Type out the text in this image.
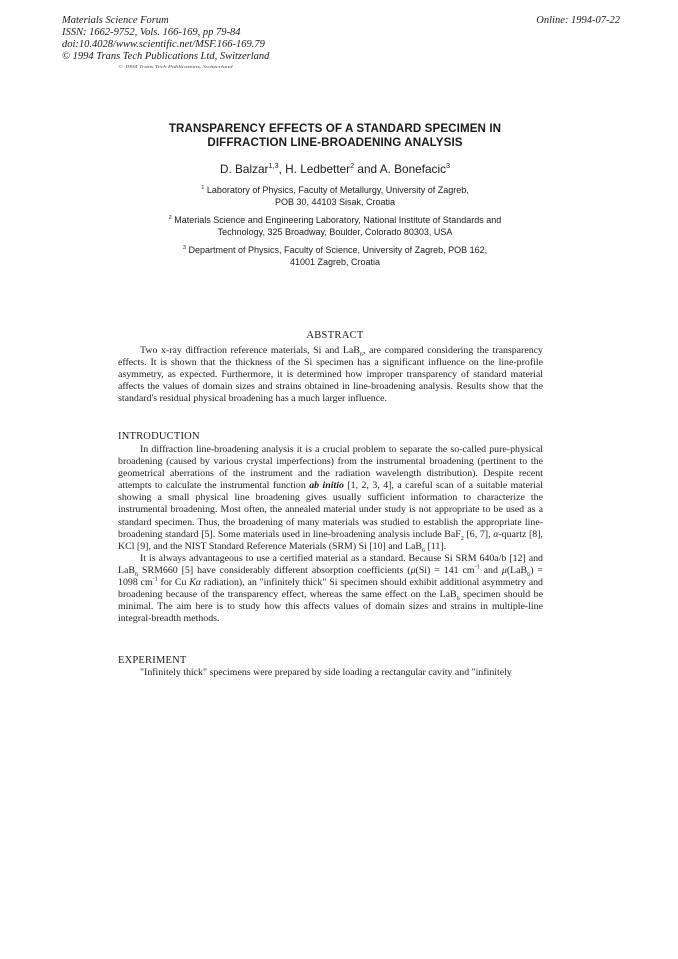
Materials Science Forum
ISSN: 1662-9752, Vols. 166-169, pp 79-84
doi:10.4028/www.scientific.net/MSF.166-169.79
© 1994 Trans Tech Publications Ltd, Switzerland
Online: 1994-07-22
© 1994 Trans Tech Publications, Switzerland
TRANSPARENCY EFFECTS OF A STANDARD SPECIMEN IN
DIFFRACTION LINE-BROADENING ANALYSIS
D. Balzar$^{1,3}$, H. Ledbetter$^2$ and A. Bonefacic$^3$
$^1$ Laboratory of Physics, Faculty of Metallurgy, University of Zagreb,
POB 30, 44103 Sisak, Croatia
$^2$ Materials Science and Engineering Laboratory, National Institute of Standards and
Technology, 325 Broadway, Boulder, Colorado 80303, USA
$^3$ Department of Physics, Faculty of Science, University of Zagreb, POB 162,
41001 Zagreb, Croatia
ABSTRACT

Two x-ray diffraction reference materials, Si and LaB$_6$, are compared considering the transparency effects. It is shown that the thickness of the Si specimen has a significant influence on the line-profile asymmetry, as expected. Furthermore, it is determined how improper transparency of standard material affects the values of domain sizes and strains obtained in line-broadening analysis. Results show that the standard's residual physical broadening has a much larger influence.

INTRODUCTION

In diffraction line-broadening analysis it is a crucial problem to separate the so-called pure-physical broadening (caused by various crystal imperfections) from the instrumental broadening (pertinent to the geometrical aberrations of the instrument and the radiation wavelength distribution). Despite recent attempts to calculate the instrumental function ab initio [1, 2, 3, 4], a careful scan of a suitable material showing a small physical line broadening gives usually sufficient information to characterize the instrumental broadening. Most often, the annealed material under study is not appropriate to be used as a standard specimen. Thus, the broadening of many materials was studied to establish the appropriate line-broadening standard [5]. Some materials used in line-broadening analysis include BaF$_2$ [6, 7], α-quartz [8], KCl [9], and the NIST Standard Reference Materials (SRM) Si [10] and LaB$_6$ [11].

It is always advantageous to use a certified material as a standard. Because Si SRM 640a/b [12] and LaB$_6$ SRM660 [5] have considerably different absorption coefficients (μ(Si) = 141 $cm^{-1}$ and μ(LaB$_6$) = 1098 $cm^{-1}$ for Cu Kα radiation), an "infinitely thick" Si specimen should exhibit additional asymmetry and broadening because of the transparency effect, whereas the same effect on the LaB$_6$ specimen should be minimal. The aim here is to study how this affects values of domain sizes and strains in multiple-line integral-breadth methods.

EXPERIMENT

"Infinitely thick" specimens were prepared by side loading a rectangular cavity and "infinitely
